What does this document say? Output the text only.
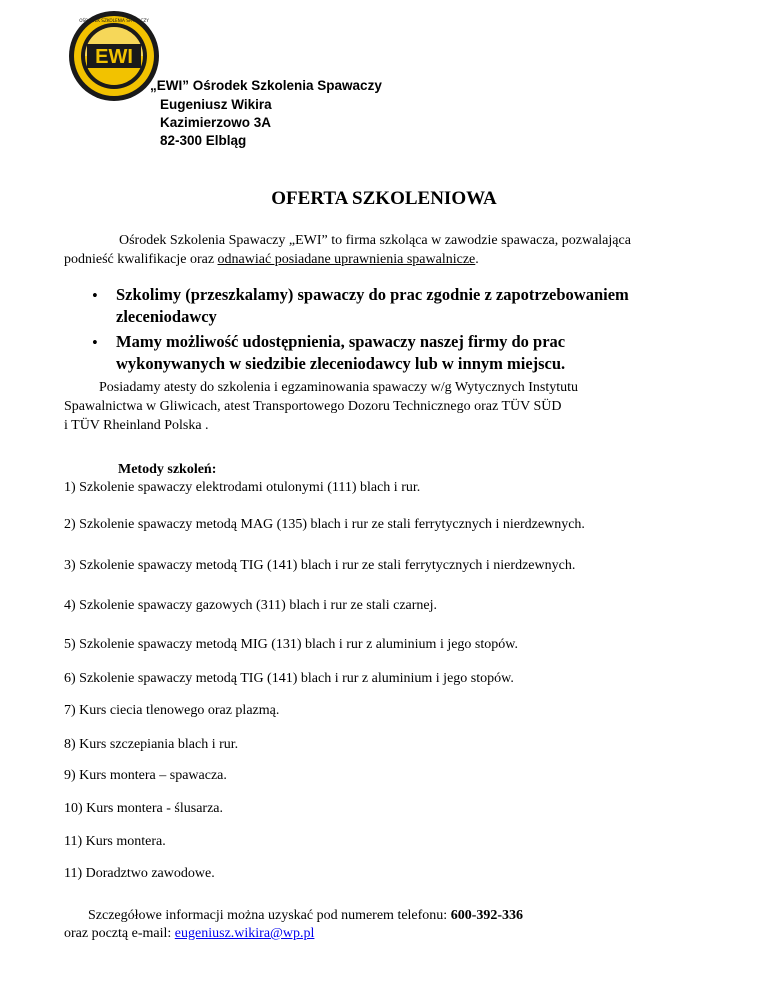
EWI
OŚRODEK SZKOLENIA SPAWACZY
„EWI” Ośrodek Szkolenia Spawaczy
Eugeniusz Wikira
Kazimierzowo 3A
82-300 Elbląg
OFERTA SZKOLENIOWA
Ośrodek Szkolenia Spawaczy „EWI” to firma szkoląca w zawodzie spawacza, pozwalająca
podnieść kwalifikacje oraz odnawiać posiadane uprawnienia spawalnicze.
• Szkolimy (przeszkalamy) spawaczy do prac zgodnie z zapotrzebowaniem
zleceniodawcy
• Mamy możliwość udostępnienia, spawaczy naszej firmy do prac
wykonywanych w siedzibie zleceniodawcy lub w innym miejscu.
Posiadamy atesty do szkolenia i egzaminowania spawaczy w/g Wytycznych Instytutu
Spawalnictwa w Gliwicach, atest Transportowego Dozoru Technicznego oraz TÜV SÜD
i TÜV Rheinland Polska .
Metody szkoleń:
1) Szkolenie spawaczy elektrodami otulonymi (111) blach i rur.
2) Szkolenie spawaczy metodą MAG (135) blach i rur ze stali ferrytycznych i nierdzewnych.
3) Szkolenie spawaczy metodą TIG (141) blach i rur ze stali ferrytycznych i nierdzewnych.
4) Szkolenie spawaczy gazowych (311) blach i rur ze stali czarnej.
5) Szkolenie spawaczy metodą MIG (131) blach i rur z aluminium i jego stopów.
6) Szkolenie spawaczy metodą TIG (141) blach i rur z aluminium i jego stopów.
7) Kurs ciecia tlenowego oraz plazmą.
8) Kurs szczepiania blach i rur.
9) Kurs montera – spawacza.
10) Kurs montera - ślusarza.
11) Kurs montera.
11) Doradztwo zawodowe.
Szczegółowe informacji można uzyskać pod numerem telefonu: 600-392-336
oraz pocztą e-mail: eugeniusz.wikira@wp.pl
